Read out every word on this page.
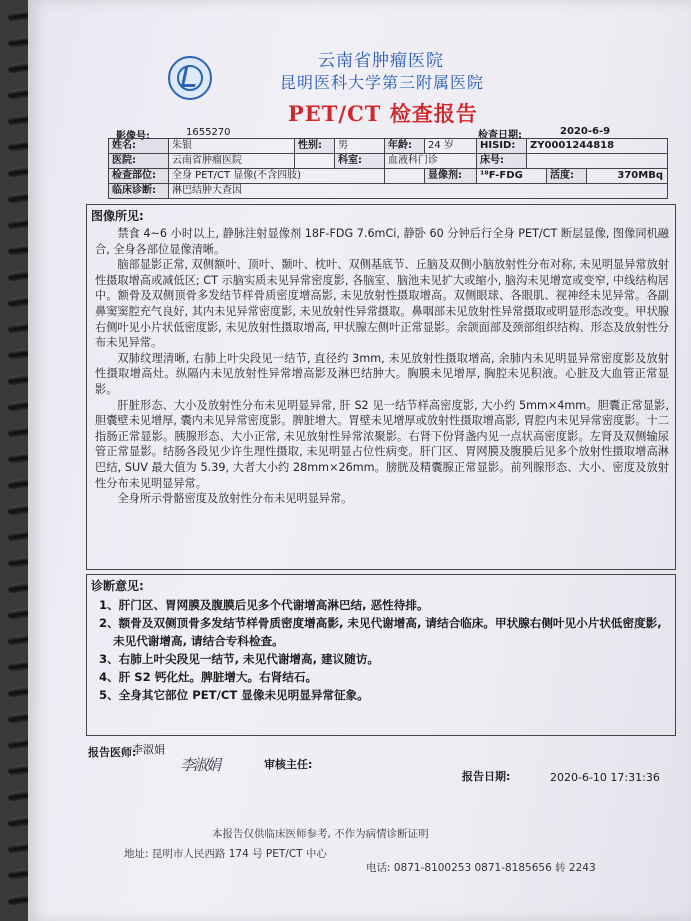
云南省肿瘤医院
昆明医科大学第三附属医院
PET/CT 检查报告
影像号:	1655270	检查日期:	2020-6-9
姓名:	朱银	性别:	男	年龄:	24 岁	HISID:	ZY0001244818
医院:	云南省肿瘤医院	科室:	血液科门诊	床号:
检查部位:	全身 PET/CT 显像(不含四肢)	显像剂:	¹⁸F-FDG	活度:	370MBq
临床诊断:	淋巴结肿大查因
图像所见:
禁食 4~6 小时以上, 静脉注射显像剂 18F-FDG 7.6mCi, 静卧 60 分钟后行全身 PET/CT 断层显像, 图像同机融合, 全身各部位显像清晰。
脑部显影正常, 双侧额叶、顶叶、颞叶、枕叶、双侧基底节、丘脑及双侧小脑放射性分布对称, 未见明显异常放射性摄取增高或减低区; CT 示脑实质未见异常密度影, 各脑室、脑池未见扩大或缩小, 脑沟未见增宽或变窄, 中线结构居中。额骨及双侧顶骨多发结节样骨质密度增高影, 未见放射性摄取增高。双侧眼球、各眼肌、视神经未见异常。各副鼻窦窦腔充气良好, 其内未见异常密度影, 未见放射性异常摄取。鼻咽部未见放射性异常摄取或明显形态改变。甲状腺右侧叶见小片状低密度影, 未见放射性摄取增高, 甲状腺左侧叶正常显影。余颌面部及颈部组织结构、形态及放射性分布未见异常。
双肺纹理清晰, 右肺上叶尖段见一结节, 直径约 3mm, 未见放射性摄取增高, 余肺内未见明显异常密度影及放射性摄取增高灶。纵隔内未见放射性异常增高影及淋巴结肿大。胸膜未见增厚, 胸腔未见积液。心脏及大血管正常显影。
肝脏形态、大小及放射性分布未见明显异常, 肝 S2 见一结节样高密度影, 大小约 5mm×4mm。胆囊正常显影, 胆囊壁未见增厚, 囊内未见异常密度影。脾脏增大。胃壁未见增厚或放射性摄取增高影, 胃腔内未见异常密度影。十二指肠正常显影。胰腺形态、大小正常, 未见放射性异常浓聚影。右肾下份肾盏内见一点状高密度影。左肾及双侧输尿管正常显影。结肠各段见少许生理性摄取, 未见明显占位性病变。肝门区、胃网膜及腹膜后见多个放射性摄取增高淋巴结, SUV 最大值为 5.39, 大者大小约 28mm×26mm。膀胱及精囊腺正常显影。前列腺形态、大小、密度及放射性分布未见明显异常。
全身所示骨骼密度及放射性分布未见明显异常。
诊断意见:
1、肝门区、胃网膜及腹膜后见多个代谢增高淋巴结, 恶性待排。
2、额骨及双侧顶骨多发结节样骨质密度增高影, 未见代谢增高, 请结合临床。甲状腺右侧叶见小片状低密度影, 未见代谢增高, 请结合专科检查。
3、右肺上叶尖段见一结节, 未见代谢增高, 建议随访。
4、肝 S2 钙化灶。脾脏增大。右肾结石。
5、全身其它部位 PET/CT 显像未见明显异常征象。
报告医师:
李淑娟
李淑娟	审核主任:
报告日期:	2020-6-10 17:31:36
本报告仅供临床医师参考, 不作为病情诊断证明
地址: 昆明市人民西路 174 号 PET/CT 中心
电话: 0871-8100253 0871-8185656 转 2243
